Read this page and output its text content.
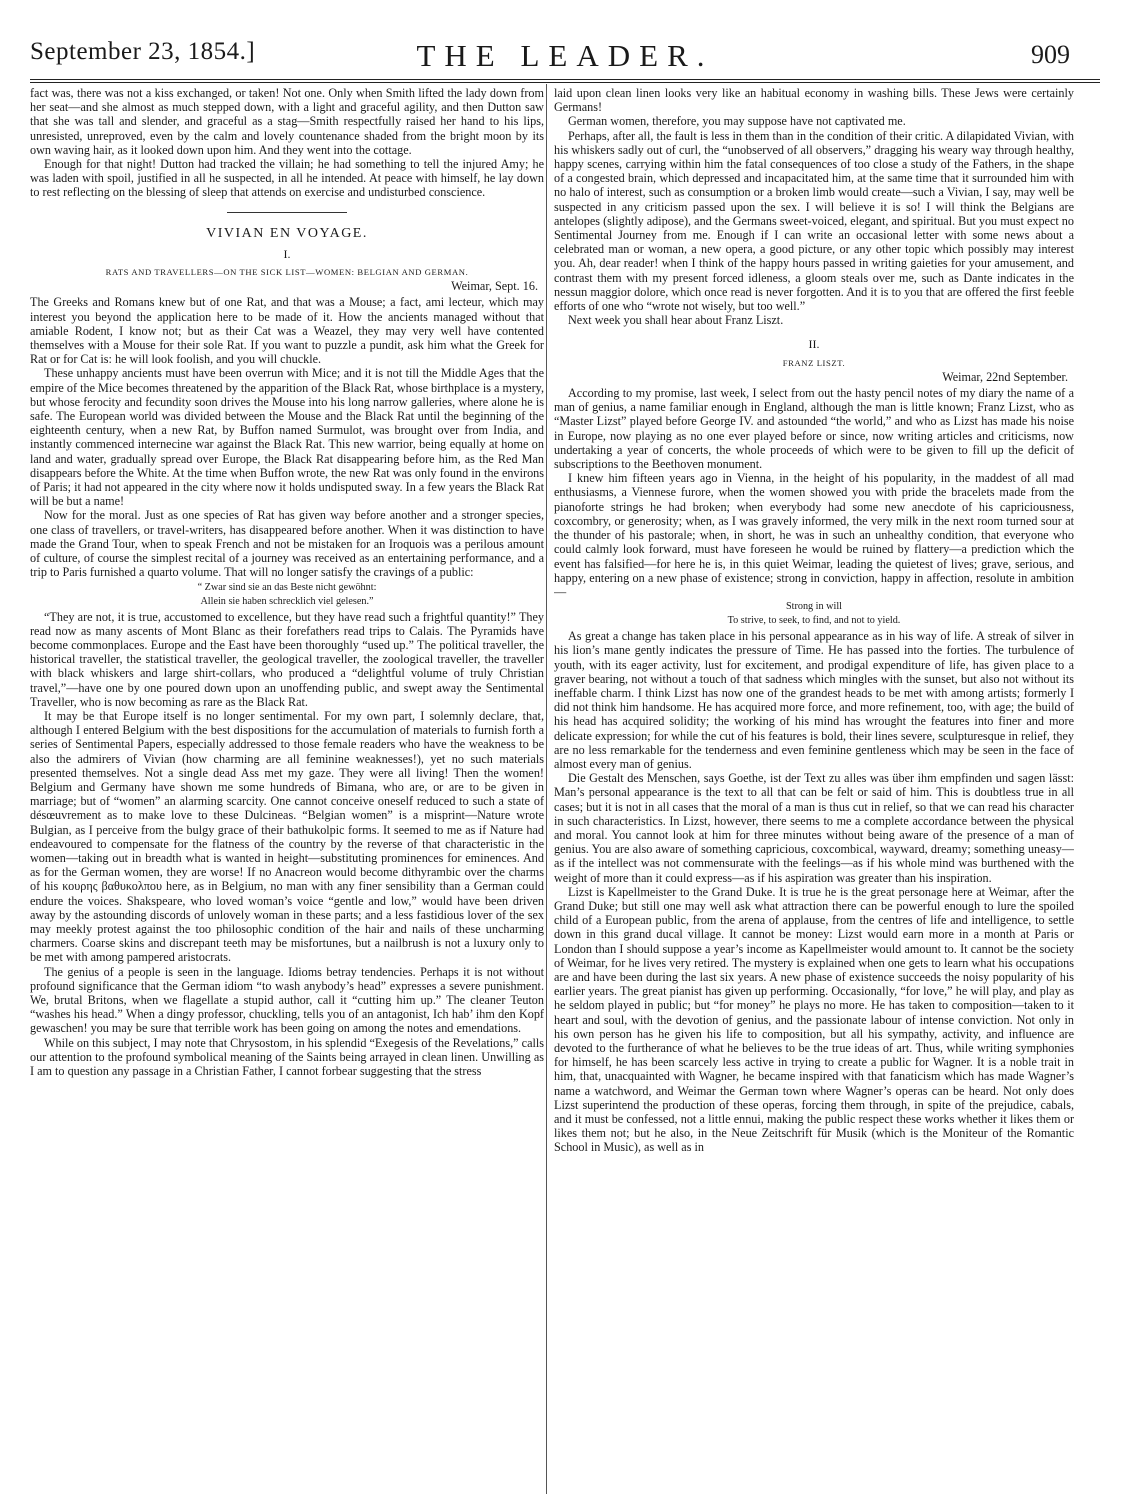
THE LEADER.
September 23, 1854.]	909

fact was, there was not a kiss exchanged, or taken! Not one. Only when Smith lifted the lady down from her seat—and she almost as much stepped down, with a light and graceful agility, and then Dutton saw that she was tall and slender, and graceful as a stag—Smith respectfully raised her hand to his lips, unresisted, unreproved, even by the calm and lovely countenance shaded from the bright moon by its own waving hair, as it looked down upon him. And they went into the cottage.

Enough for that night! Dutton had tracked the villain; he had something to tell the injured Amy; he was laden with spoil, justified in all he suspected, in all he intended. At peace with himself, he lay down to rest reflecting on the blessing of sleep that attends on exercise and undisturbed conscience.

VIVIAN EN VOYAGE.
I.
RATS AND TRAVELLERS—ON THE SICK LIST—WOMEN: BELGIAN AND GERMAN.
Weimar, Sept. 16.

The Greeks and Romans knew but of one Rat, and that was a Mouse; a fact, ami lecteur, which may interest you beyond the application here to be made of it. How the ancients managed without that amiable Rodent, I know not; but as their Cat was a Weazel, they may very well have contented themselves with a Mouse for their sole Rat. If you want to puzzle a pundit, ask him what the Greek for Rat or for Cat is: he will look foolish, and you will chuckle.

These unhappy ancients must have been overrun with Mice; and it is not till the Middle Ages that the empire of the Mice becomes threatened by the apparition of the Black Rat, whose birthplace is a mystery, but whose ferocity and fecundity soon drives the Mouse into his long narrow galleries, where alone he is safe. The European world was divided between the Mouse and the Black Rat until the beginning of the eighteenth century, when a new Rat, by Buffon named Surmulot, was brought over from India, and instantly commenced internecine war against the Black Rat. This new warrior, being equally at home on land and water, gradually spread over Europe, the Black Rat disappearing before him, as the Red Man disappears before the White. At the time when Buffon wrote, the new Rat was only found in the environs of Paris; it had not appeared in the city where now it holds undisputed sway. In a few years the Black Rat will be but a name!

Now for the moral. Just as one species of Rat has given way before another and a stronger species, one class of travellers, or travel-writers, has disappeared before another. When it was distinction to have made the Grand Tour, when to speak French and not be mistaken for an Iroquois was a perilous amount of culture, of course the simplest recital of a journey was received as an entertaining performance, and a trip to Paris furnished a quarto volume. That will no longer satisfy the cravings of a public:

“ Zwar sind sie an das Beste nicht gewöhnt:
Allein sie haben schrecklich viel gelesen.”

“They are not, it is true, accustomed to excellence, but they have read such a frightful quantity!” They read now as many ascents of Mont Blanc as their forefathers read trips to Calais. The Pyramids have become commonplaces. Europe and the East have been thoroughly “used up.” The political traveller, the historical traveller, the statistical traveller, the geological traveller, the zoological traveller, the traveller with black whiskers and large shirt-collars, who produced a “delightful volume of truly Christian travel,”—have one by one poured down upon an unoffending public, and swept away the Sentimental Traveller, who is now becoming as rare as the Black Rat.

It may be that Europe itself is no longer sentimental. For my own part, I solemnly declare, that, although I entered Belgium with the best dispositions for the accumulation of materials to furnish forth a series of Sentimental Papers, especially addressed to those female readers who have the weakness to be also the admirers of Vivian (how charming are all feminine weaknesses!), yet no such materials presented themselves. Not a single dead Ass met my gaze. They were all living! Then the women! Belgium and Germany have shown me some hundreds of Bimana, who are, or are to be given in marriage; but of “women” an alarming scarcity. One cannot conceive oneself reduced to such a state of désœuvrement as to make love to these Dulcineas. “Belgian women” is a misprint—Nature wrote Bulgian, as I perceive from the bulgy grace of their bathukolpic forms. It seemed to me as if Nature had endeavoured to compensate for the flatness of the country by the reverse of that characteristic in the women—taking out in breadth what is wanted in height—substituting prominences for eminences. And as for the German women, they are worse! If no Anacreon would become dithyrambic over the charms of his κουρης βαθυκολπου here, as in Belgium, no man with any finer sensibility than a German could endure the voices. Shakspeare, who loved woman’s voice “gentle and low,” would have been driven away by the astounding discords of unlovely woman in these parts; and a less fastidious lover of the sex may meekly protest against the too philosophic condition of the hair and nails of these uncharming charmers. Coarse skins and discrepant teeth may be misfortunes, but a nailbrush is not a luxury only to be met with among pampered aristocrats.

The genius of a people is seen in the language. Idioms betray tendencies. Perhaps it is not without profound significance that the German idiom “to wash anybody’s head” expresses a severe punishment. We, brutal Britons, when we flagellate a stupid author, call it “cutting him up.” The cleaner Teuton “washes his head.” When a dingy professor, chuckling, tells you of an antagonist, Ich hab’ ihm den Kopf gewaschen! you may be sure that terrible work has been going on among the notes and emendations.

While on this subject, I may note that Chrysostom, in his splendid “Exegesis of the Revelations,” calls our attention to the profound symbolical meaning of the Saints being arrayed in clean linen. Unwilling as I am to question any passage in a Christian Father, I cannot forbear suggesting that the stress

laid upon clean linen looks very like an habitual economy in washing bills. These Jews were certainly Germans!

German women, therefore, you may suppose have not captivated me.

Perhaps, after all, the fault is less in them than in the condition of their critic. A dilapidated Vivian, with his whiskers sadly out of curl, the “unobserved of all observers,” dragging his weary way through healthy, happy scenes, carrying within him the fatal consequences of too close a study of the Fathers, in the shape of a congested brain, which depressed and incapacitated him, at the same time that it surrounded him with no halo of interest, such as consumption or a broken limb would create—such a Vivian, I say, may well be suspected in any criticism passed upon the sex. I will believe it is so! I will think the Belgians are antelopes (slightly adipose), and the Germans sweet-voiced, elegant, and spiritual. But you must expect no Sentimental Journey from me. Enough if I can write an occasional letter with some news about a celebrated man or woman, a new opera, a good picture, or any other topic which possibly may interest you. Ah, dear reader! when I think of the happy hours passed in writing gaieties for your amusement, and contrast them with my present forced idleness, a gloom steals over me, such as Dante indicates in the nessun maggior dolore, which once read is never forgotten. And it is to you that are offered the first feeble efforts of one who “wrote not wisely, but too well.”

Next week you shall hear about Franz Liszt.

II.
FRANZ LISZT.
Weimar, 22nd September.

According to my promise, last week, I select from out the hasty pencil notes of my diary the name of a man of genius, a name familiar enough in England, although the man is little known; Franz Lizst, who as “Master Lizst” played before George IV. and astounded “the world,” and who as Lizst has made his noise in Europe, now playing as no one ever played before or since, now writing articles and criticisms, now undertaking a year of concerts, the whole proceeds of which were to be given to fill up the deficit of subscriptions to the Beethoven monument.

I knew him fifteen years ago in Vienna, in the height of his popularity, in the maddest of all mad enthusiasms, a Viennese furore, when the women showed you with pride the bracelets made from the pianoforte strings he had broken; when everybody had some new anecdote of his capriciousness, coxcombry, or generosity; when, as I was gravely informed, the very milk in the next room turned sour at the thunder of his pastorale; when, in short, he was in such an unhealthy condition, that everyone who could calmly look forward, must have foreseen he would be ruined by flattery—a prediction which the event has falsified—for here he is, in this quiet Weimar, leading the quietest of lives; grave, serious, and happy, entering on a new phase of existence; strong in conviction, happy in affection, resolute in ambition—

Strong in will
To strive, to seek, to find, and not to yield.

As great a change has taken place in his personal appearance as in his way of life. A streak of silver in his lion’s mane gently indicates the pressure of Time. He has passed into the forties. The turbulence of youth, with its eager activity, lust for excitement, and prodigal expenditure of life, has given place to a graver bearing, not without a touch of that sadness which mingles with the sunset, but also not without its ineffable charm. I think Lizst has now one of the grandest heads to be met with among artists; formerly I did not think him handsome. He has acquired more force, and more refinement, too, with age; the build of his head has acquired solidity; the working of his mind has wrought the features into finer and more delicate expression; for while the cut of his features is bold, their lines severe, sculpturesque in relief, they are no less remarkable for the tenderness and even feminine gentleness which may be seen in the face of almost every man of genius.

Die Gestalt des Menschen, says Goethe, ist der Text zu alles was über ihm empfinden und sagen lässt: Man’s personal appearance is the text to all that can be felt or said of him. This is doubtless true in all cases; but it is not in all cases that the moral of a man is thus cut in relief, so that we can read his character in such characteristics. In Lizst, however, there seems to me a complete accordance between the physical and moral. You cannot look at him for three minutes without being aware of the presence of a man of genius. You are also aware of something capricious, coxcombical, wayward, dreamy; something uneasy—as if the intellect was not commensurate with the feelings—as if his whole mind was burthened with the weight of more than it could express—as if his aspiration was greater than his inspiration.

Lizst is Kapellmeister to the Grand Duke. It is true he is the great personage here at Weimar, after the Grand Duke; but still one may well ask what attraction there can be powerful enough to lure the spoiled child of a European public, from the arena of applause, from the centres of life and intelligence, to settle down in this grand ducal village. It cannot be money: Lizst would earn more in a month at Paris or London than I should suppose a year’s income as Kapellmeister would amount to. It cannot be the society of Weimar, for he lives very retired. The mystery is explained when one gets to learn what his occupations are and have been during the last six years. A new phase of existence succeeds the noisy popularity of his earlier years. The great pianist has given up performing. Occasionally, “for love,” he will play, and play as he seldom played in public; but “for money” he plays no more. He has taken to composition—taken to it heart and soul, with the devotion of genius, and the passionate labour of intense conviction. Not only in his own person has he given his life to composition, but all his sympathy, activity, and influence are devoted to the furtherance of what he believes to be the true ideas of art. Thus, while writing symphonies for himself, he has been scarcely less active in trying to create a public for Wagner. It is a noble trait in him, that, unacquainted with Wagner, he became inspired with that fanaticism which has made Wagner’s name a watchword, and Weimar the German town where Wagner’s operas can be heard. Not only does Lizst superintend the production of these operas, forcing them through, in spite of the prejudice, cabals, and it must be confessed, not a little ennui, making the public respect these works whether it likes them or likes them not; but he also, in the Neue Zeitschrift für Musik (which is the Moniteur of the Romantic School in Music), as well as in
